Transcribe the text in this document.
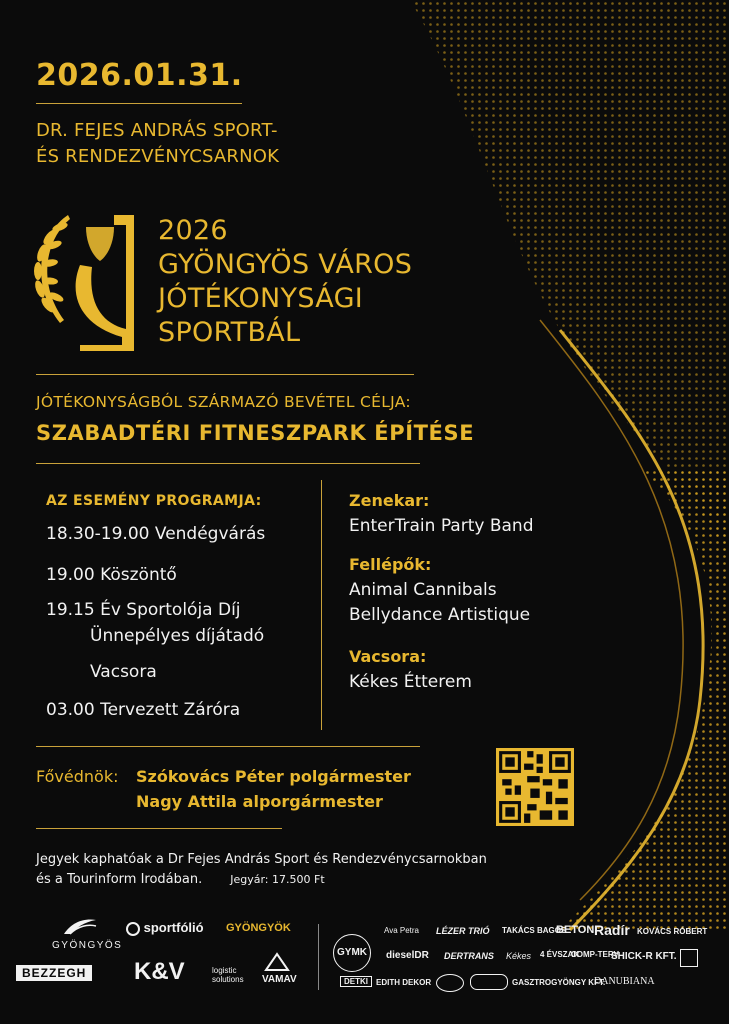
2026.01.31.
DR. FEJES ANDRÁS SPORT-
ÉS RENDEZVÉNYCSARNOK
2026
GYÖNGYÖS VÁROS
JÓTÉKONYSÁGI
SPORTBÁL
JÓTÉKONYSÁGBÓL SZÁRMAZÓ BEVÉTEL CÉLJA:
SZABADTÉRI FITNESZPARK ÉPÍTÉSE
AZ ESEMÉNY PROGRAMJA:
18.30-19.00 Vendégvárás
19.00 Köszöntő
19.15 Év Sportolója Díj
Ünnepélyes díjátadó
Vacsora
03.00 Tervezett Záróra
Zenekar:
EnterTrain Party Band
Fellépők:
Animal Cannibals
Bellydance Artistique
Vacsora:
Kékes Étterem
Fővédnök: Szókovács Péter polgármester
Nagy Attila alporgármester
Jegyek kaphatóak a Dr Fejes András Sport és Rendezvénycsarnokban
és a Tourinform Irodában.	Jegyár: 17.500 Ft
GYÖNGYÖS
sportfólió GYÖNGYÖK
BEZZEGH K&V	logistic solutions	VAMAV
GYMK
Ava Petra LÉZER TRIÓ TAKÁCS BAGOS
BETON Radír KOVÁCS RÓBERT
dieselDR DERTRANS Kékes 4 ÉVSZAK
COMP-TERV
SHICK-R KFT.
DETKI	EDITH DEKOR	GASZTROGYÖNGY KFT.
DANUBIANA
